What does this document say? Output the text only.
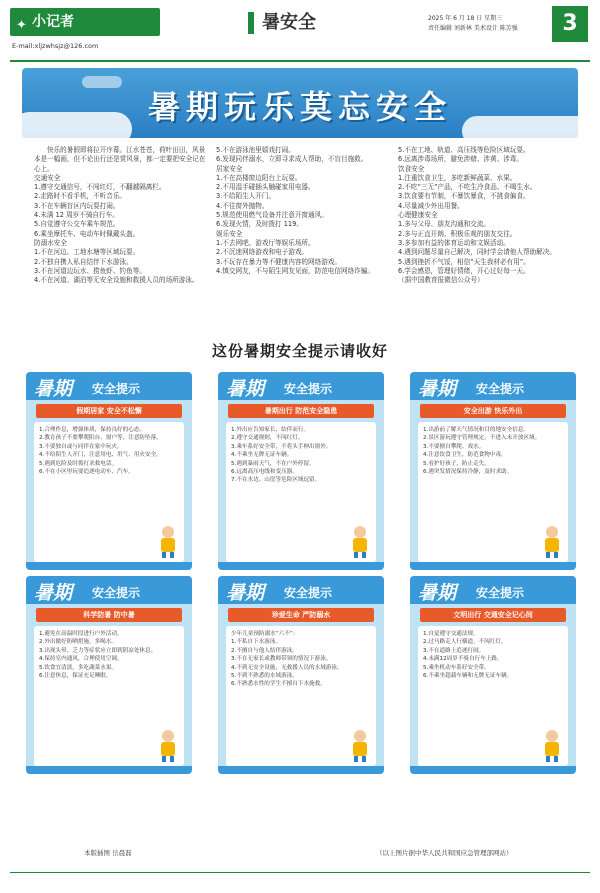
✦ 小记者
E-mail:xljzwhsjz@126.com
暑安全	2025 年 6 月 18 日 星期三
责任编辑 刘新林 美术设计 陈芳强	3
暑期玩乐莫忘安全

快乐的暑假即将拉开序幕。江水苍苍，荷叶田田，风景本是一幅画，但不论出行还是赏风景，都一定要把安全记在心上。

交通安全

1.遵守交通信号，不闯红灯，不翻越隔离栏。

2.走路时不看手机，不听音乐。

3.不在车辆盲区内玩耍打闹。

4.未满 12 周岁不骑自行车。

5.自觉遵守公交车乘车规范。

6.乘坐摩托车、电动车时佩戴头盔。

防溺水安全

1.不在河边、工地水塘等区域玩耍。

2.不独自携人私自结伴下水游泳。

3.不在河道边玩水、捞鱼虾、钓鱼等。

4.不在河道、湖泊等无安全设施和救援人员的场所游泳。

5.不在游泳池里嬉戏打闹。

6.发现同伴溺水，立即寻求成人帮助，不盲目施救。

居家安全

1.不在高楼窗边阳台上玩耍。

2.不用湿手碰插头触碰家用电器。

3.不给陌生人开门。

4.不往窗外抛物。

5.规范使用燃气设备并注意开窗通风。

6.发现火情，及时拨打 119。

娱乐安全

1.不去网吧、游戏厅等娱乐场所。

2.不沉迷网络游戏和电子游戏。

3.不玩存在暴力等不健康内容的网络游戏。

4.慎交网友，不与陌生网友见面，防范电信网络诈骗。

5.不在工地、轨道、高压线等危险区域玩耍。

6.远离涉毒场所，避免涉赌、涉黄、涉毒。

饮食安全

1.注重饮食卫生，多吃新鲜蔬菜、水果。

2.不吃“三无”产品，不吃生冷食品、不喝生水。

3.饮食要有节制，不暴饮暴食，不挑食偏食。

4.尽量减少外出用餐。

心理健康安全

1.多与父母、朋友沟通和交流。

2.多与正直开朗、积极乐观的朋友交往。

3.多参加有益的体育运动和文娱活动。

4.遇到问题尽量自己解决，同时学会请他人帮助解决。

5.遇到挫折不气馁，相信“天生我材必有用”。

6.学会感恩，管理好情绪，开心过好每一天。

（据中国教育报微信公众号）

这份暑期安全提示请收好
暑期 安全提示
假期居家 安全不松懈
1.合理作息，增强体质，保持良好的心态。
2.教育孩子不要攀爬阳台、窗户等，注意防坠落。
3.不要独自或与同伴在家中玩火。
4.不给陌生人开门，注意用电、用气、用火安全。
5.遇到危险及时拨打求救电话。
6.不在小区里玩耍追逐电动车、汽车。
暑期 安全提示
暑期出行 防范安全隐患
1.外出应告知家长，结伴而行。
2.遵守交通规则，不闯红灯。
3.乘车系好安全带，不将头手伸出窗外。
4.不乘坐无牌无证车辆。
5.遇到暴雨天气，不在户外停留。
6.远离高压电线和变压器。
7.不在水边、山崖等危险区域逗留。
暑期 安全提示
安全出游 快乐外出
1.出游前了解天气情况和目的地安全信息。
2.景区游玩遵守管理规定，不进入未开放区域。
3.不要擅自攀爬、戏水。
4.注意饮食卫生，防范食物中毒。
5.看护好孩子，防止走失。
6.遇突发情况保持冷静，及时求助。
暑期 安全提示
科学防暑 防中暑
1.避免在高温时段进行户外活动。
2.外出做好防晒措施，多喝水。
3.出现头晕、乏力等症状应立即到阴凉处休息。
4.保持室内通风，合理使用空调。
5.饮食宜清淡，多吃蔬菜水果。
6.注意休息，保证充足睡眠。
暑期 安全提示
珍爱生命 严防溺水
少年儿童预防溺水“六不”：
1.不私自下水游泳。
2.不擅自与他人结伴游泳。
3.不在无家长或教师带领的情况下游泳。
4.不到无安全设施、无救援人员的水域游泳。
5.不到不熟悉的水域游泳。
6.不熟悉水性的学生不擅自下水施救。
暑期 安全提示
文明出行 交通安全记心间
1.自觉遵守交通法规。
2.过马路走人行横道，不闯红灯。
3.不在道路上追逐打闹。
4.未满12周岁不骑自行车上路。
5.乘坐机动车系好安全带。
6.不乘坐超载车辆和无牌无证车辆。
本版插图 岳晨磊	（以上图片据中华人民共和国应急管理部网站）
